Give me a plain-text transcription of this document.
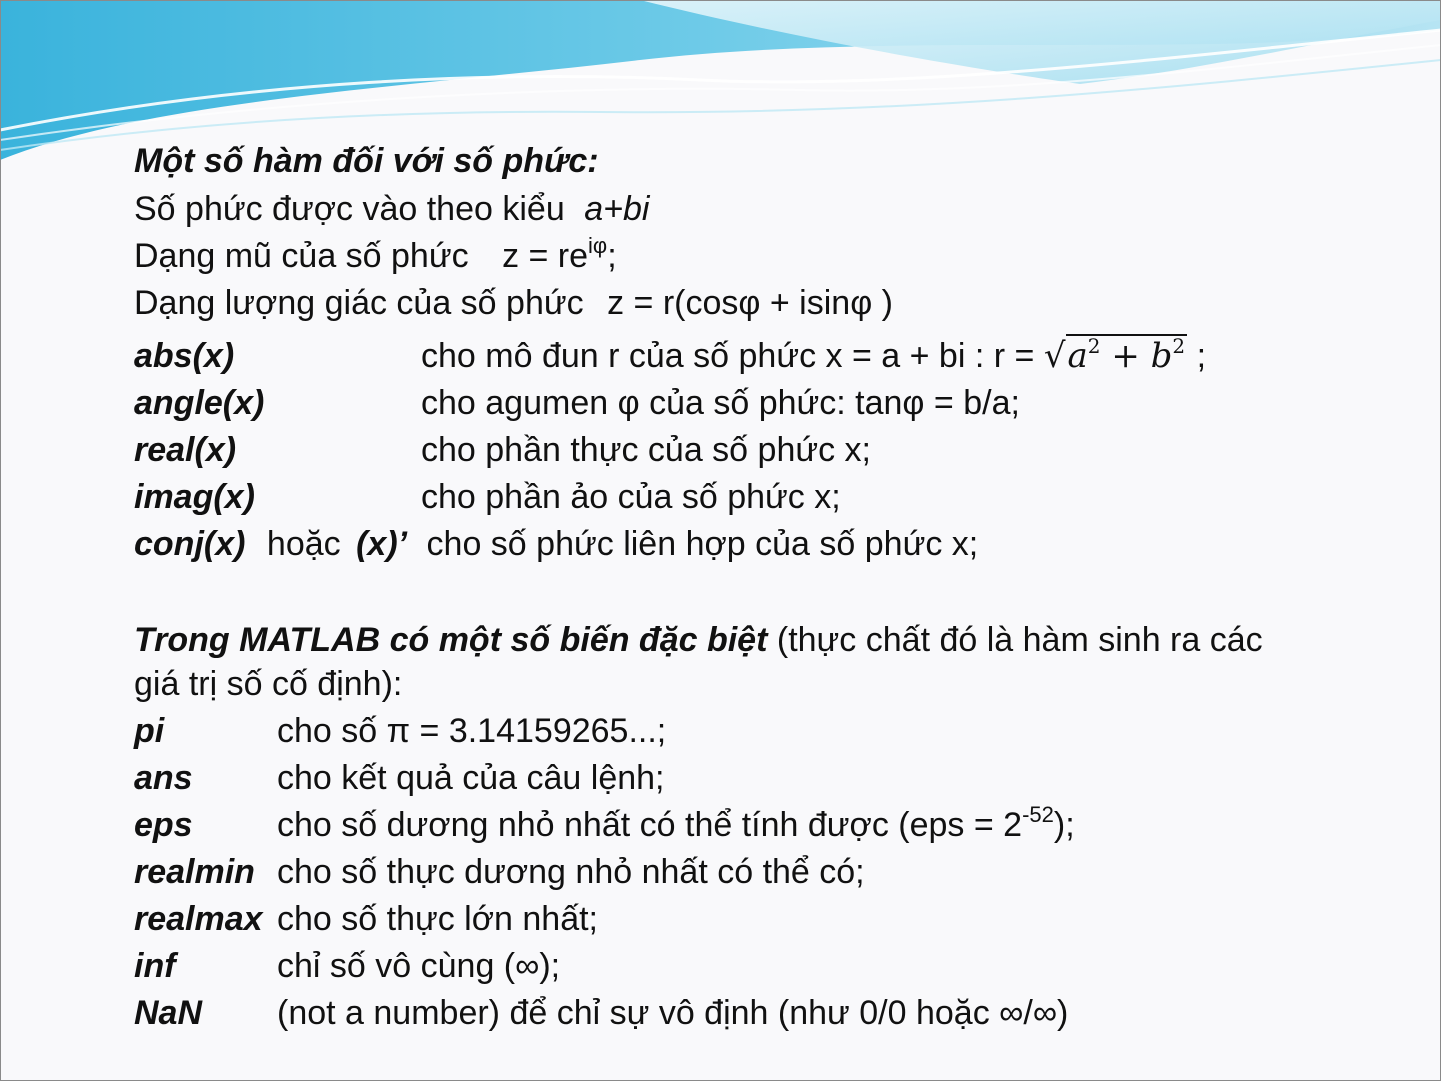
Một số hàm đối với số phức:
Số phức được vào theo kiểu a+bi
Dạng mũ của số phức $z = re^{i\varphi}$;
Dạng lượng giác của số phức z = r(cosφ + isinφ )
abs(x)	cho mô đun r của số phức x = a + bi : $r = √a^2 + b^2$ ;
angle(x)	cho agumen φ của số phức: tanφ = b/a;
real(x)	cho phần thực của số phức x;
imag(x)	cho phần ảo của số phức x;
conj(x) hoặc (x)’ cho số phức liên hợp của số phức x;
Trong MATLAB có một số biến đặc biệt (thực chất đó là hàm sinh ra các
giá trị số cố định):
pi	cho số π = 3.14159265...;
ans cho kết quả của câu lệnh;
eps cho số dương nhỏ nhất có thể tính được $(eps = 2^{-52})$;
realmin cho số thực dương nhỏ nhất có thể có;
realmax cho số thực lớn nhất;
inf	chỉ số vô cùng (∞);
NaN (not a number) để chỉ sự vô định (như 0/0 hoặc ∞/∞)
